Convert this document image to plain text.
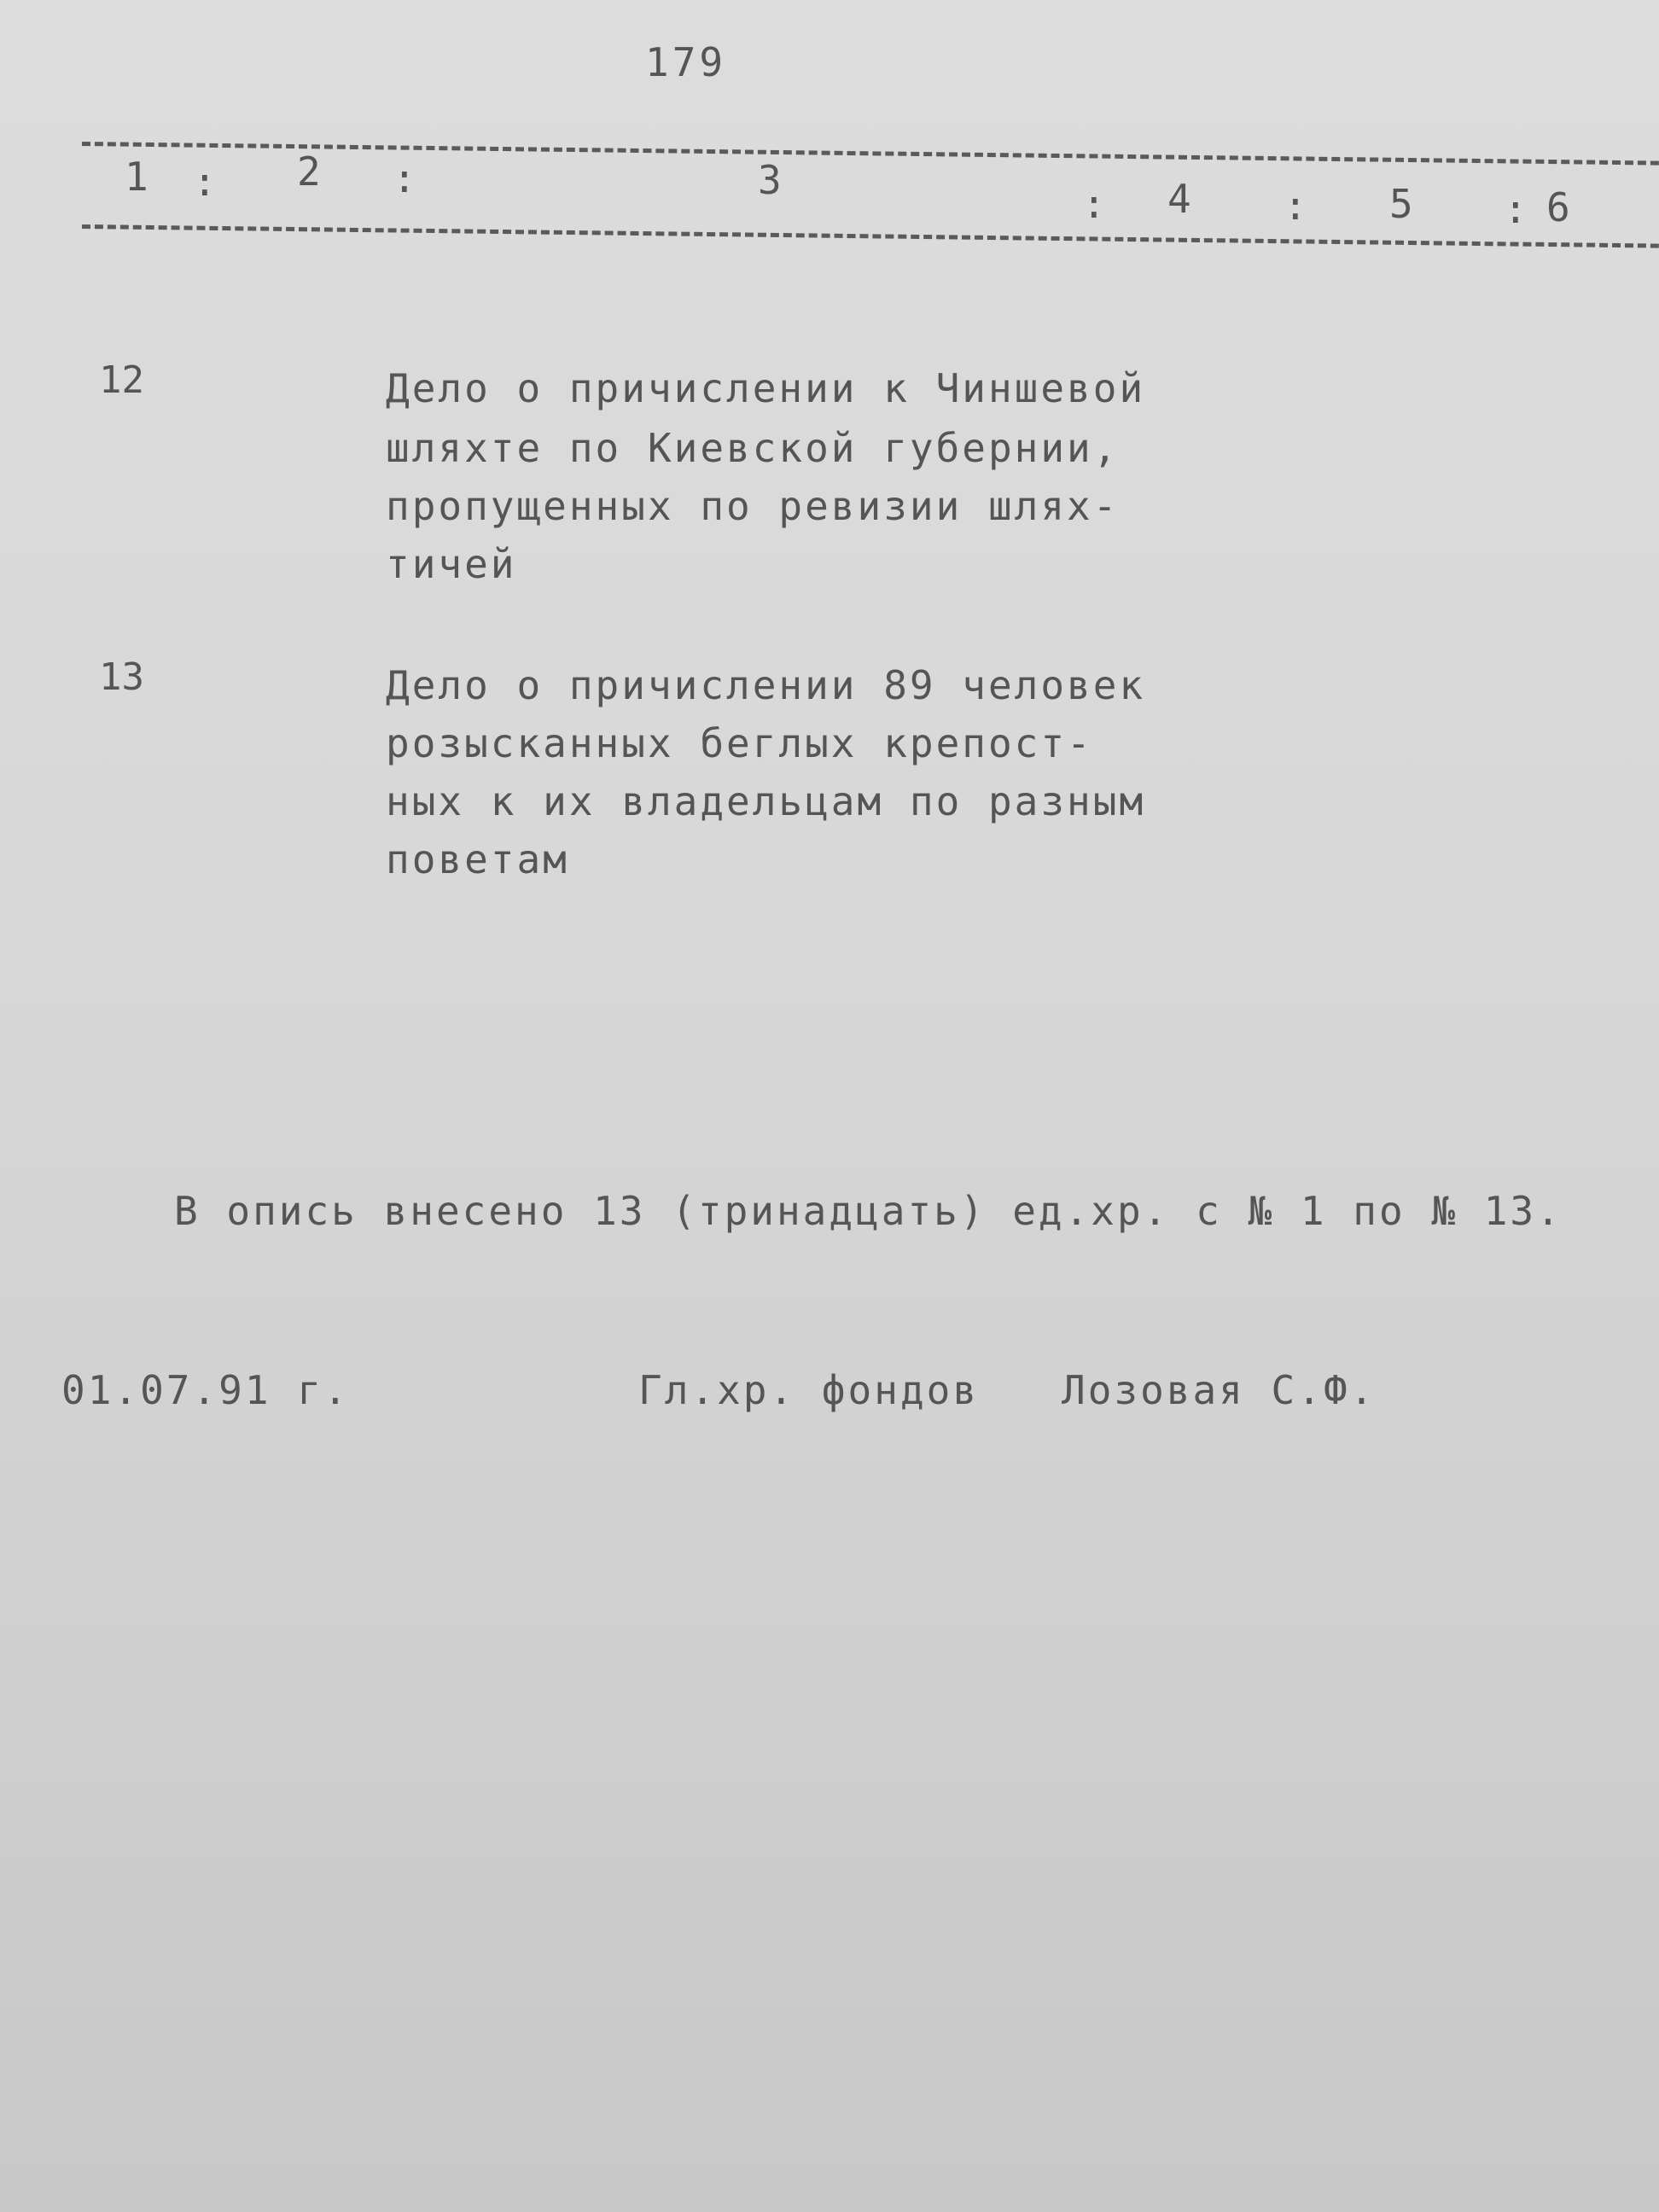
179
1 : 2 :	3
: 4 : 5 : 6
12	Дело о причислении к Чиншевой
шляхте по Киевской губернии,
пропущенных по ревизии шлях-
тичей
13	Дело о причислении 89 человек
розысканных беглых крепост-
ных к их владельцам по разным
поветам
В опись внесено 13 (тринадцать) ед.хр. с № 1 по № 13.
01.07.91 г.	Гл.хр. фондов Лозовая С.Ф.
